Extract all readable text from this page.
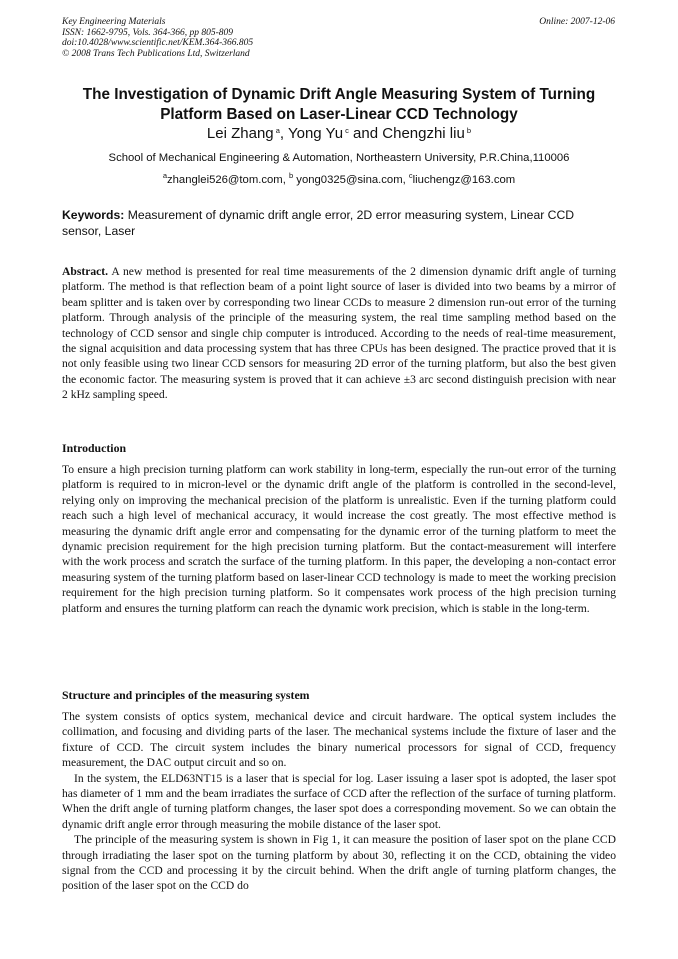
Key Engineering Materials
ISSN: 1662-9795, Vols. 364-366, pp 805-809
doi:10.4028/www.scientific.net/KEM.364-366.805
© 2008 Trans Tech Publications Ltd, Switzerland
Online: 2007-12-06
The Investigation of Dynamic Drift Angle Measuring System of Turning
Platform Based on Laser-Linear CCD Technology
Lei Zhang $^a$, Yong Yu $^c$ and Chengzhi liu $^b$
School of Mechanical Engineering & Automation, Northeastern University, P.R.China,110006
$^a$zhanglei526@tom.com, $^b$ yong0325@sina.com, $^c$liuchengz@163.com
Keywords: Measurement of dynamic drift angle error, 2D error measuring system, Linear CCD sensor, Laser
Abstract. A new method is presented for real time measurements of the 2 dimension dynamic drift angle of turning platform. The method is that reflection beam of a point light source of laser is divided into two beams by a mirror of beam splitter and is taken over by corresponding two linear CCDs to measure 2 dimension run-out error of the turning platform. Through analysis of the principle of the measuring system, the real time sampling method based on the technology of CCD sensor and single chip computer is introduced. According to the needs of real-time measurement, the signal acquisition and data processing system that has three CPUs has been designed. The practice proved that it is not only feasible using two linear CCD sensors for measuring 2D error of the turning platform, but also the best given the economic factor. The measuring system is proved that it can achieve ±3 arc second distinguish precision with near 2 kHz sampling speed.
Introduction
To ensure a high precision turning platform can work stability in long-term, especially the run-out error of the turning platform is required to in micron-level or the dynamic drift angle of the platform is controlled in the second-level, relying only on improving the mechanical precision of the platform is unrealistic. Even if the turning platform could reach such a high level of mechanical accuracy, it would increase the cost greatly. The most effective method is measuring the dynamic drift angle error and compensating for the dynamic error of the turning platform to meet the dynamic precision requirement for the high precision turning platform. But the contact-measurement will interfere with the work process and scratch the surface of the turning platform. In this paper, the developing a non-contact error measuring system of the turning platform based on laser-linear CCD technology is made to meet the working precision requirement for the high precision turning platform. So it compensates work process of the high precision turning platform and ensures the turning platform can reach the dynamic work precision, which is stable in the long-term.
Structure and principles of the measuring system

The system consists of optics system, mechanical device and circuit hardware. The optical system includes the collimation, and focusing and dividing parts of the laser. The mechanical systems include the fixture of laser and the fixture of CCD. The circuit system includes the binary numerical processors for signal of CCD, frequency measurement, the DAC output circuit and so on.

In the system, the ELD63NT15 is a laser that is special for log. Laser issuing a laser spot is adopted, the laser spot has diameter of 1 mm and the beam irradiates the surface of CCD after the reflection of the surface of turning platform. When the drift angle of turning platform changes, the laser spot does a corresponding movement. So we can obtain the dynamic drift angle error through measuring the mobile distance of the laser spot.

The principle of the measuring system is shown in Fig 1, it can measure the position of laser spot on the plane CCD through irradiating the laser spot on the turning platform by about 30, reflecting it on the CCD, obtaining the video signal from the CCD and processing it by the circuit behind. When the drift angle of turning platform changes, the position of the laser spot on the CCD do
